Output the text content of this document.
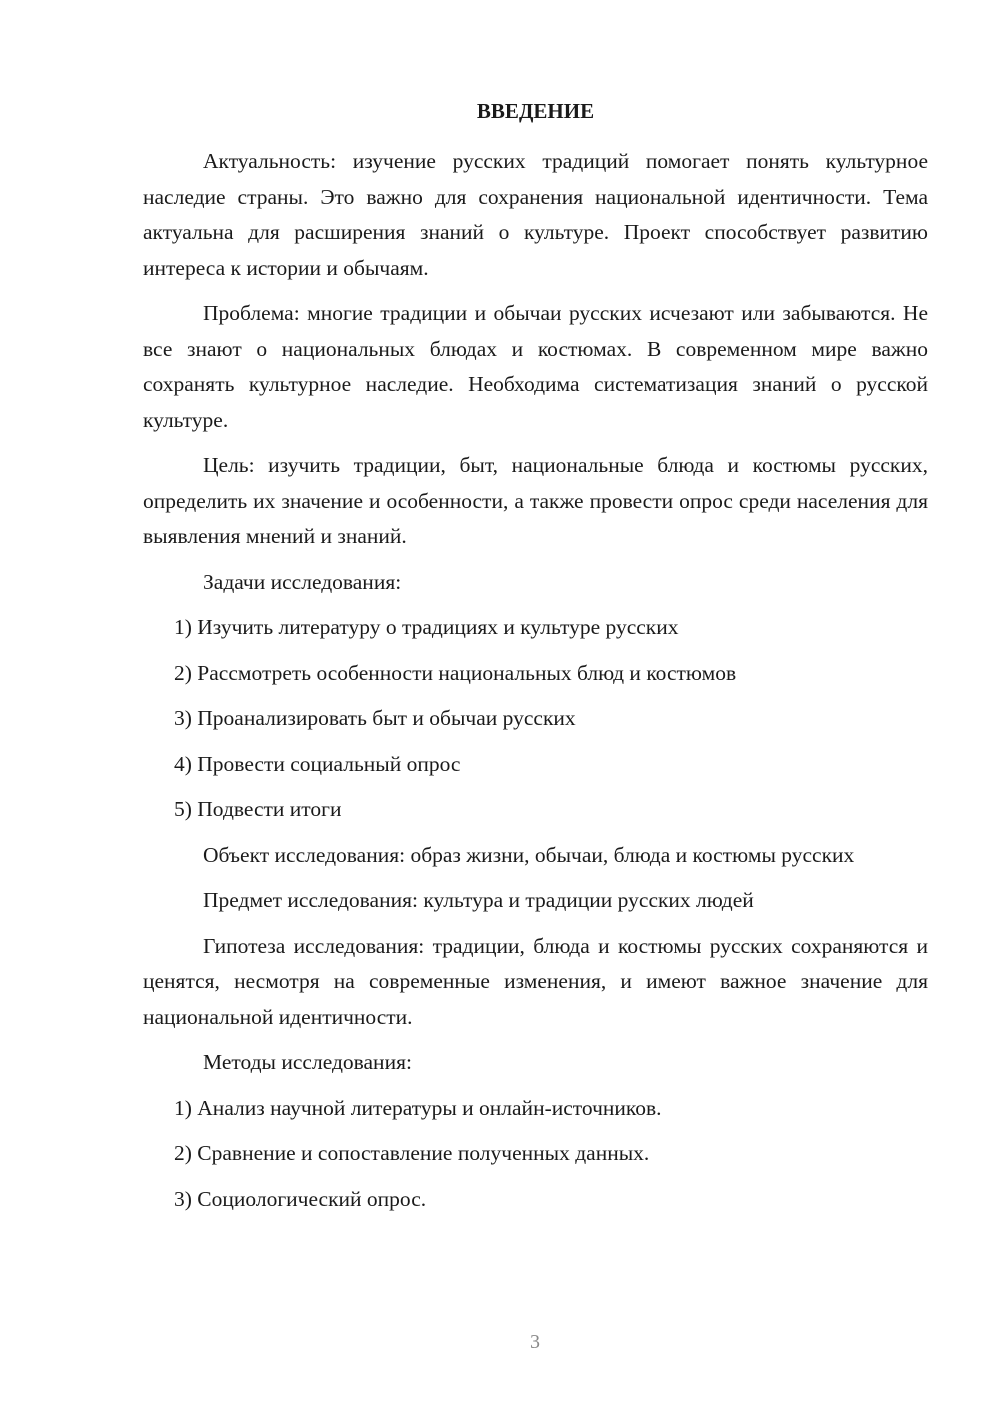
ВВЕДЕНИЕ

Актуальность: изучение русских традиций помогает понять культурное наследие страны. Это важно для сохранения национальной идентичности. Тема актуальна для расширения знаний о культуре. Проект способствует развитию интереса к истории и обычаям.

Проблема: многие традиции и обычаи русских исчезают или забываются. Не все знают о национальных блюдах и костюмах. В современном мире важно сохранять культурное наследие. Необходима систематизация знаний о русской культуре.

Цель: изучить традиции, быт, национальные блюда и костюмы русских, определить их значение и особенности, а также провести опрос среди населения для выявления мнений и знаний.

Задачи исследования:

1) Изучить литературу о традициях и культуре русских
2) Рассмотреть особенности национальных блюд и костюмов
3) Проанализировать быт и обычаи русских
4) Провести социальный опрос
5) Подвести итоги

Объект исследования: образ жизни, обычаи, блюда и костюмы русских

Предмет исследования: культура и традиции русских людей

Гипотеза исследования: традиции, блюда и костюмы русских сохраняются и ценятся, несмотря на современные изменения, и имеют важное значение для национальной идентичности.

Методы исследования:

1) Анализ научной литературы и онлайн-источников.
2) Сравнение и сопоставление полученных данных.
3) Социологический опрос.
3
